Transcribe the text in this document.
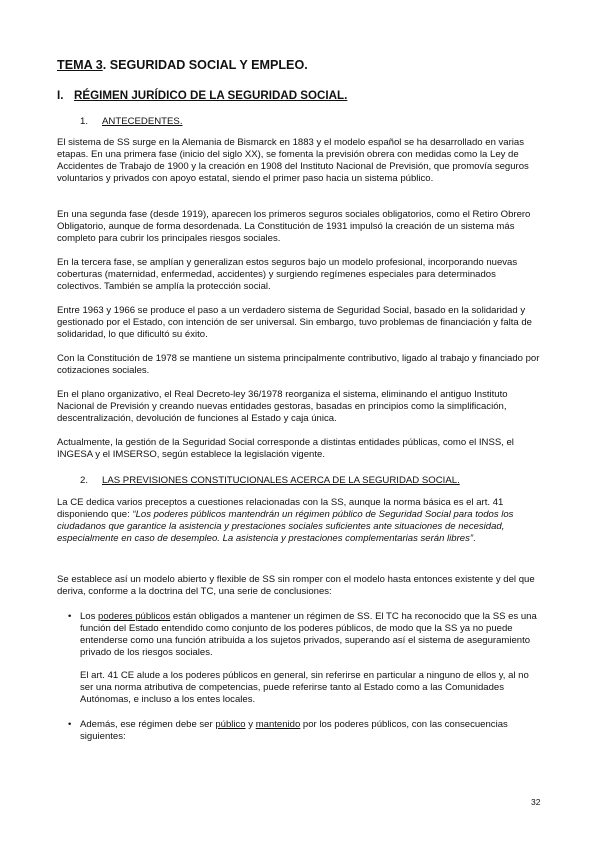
TEMA 3. SEGURIDAD SOCIAL Y EMPLEO.
I. RÉGIMEN JURÍDICO DE LA SEGURIDAD SOCIAL.
1. ANTECEDENTES.
El sistema de SS surge en la Alemania de Bismarck en 1883 y el modelo español se ha desarrollado en varias etapas. En una primera fase (inicio del siglo XX), se fomenta la previsión obrera con medidas como la Ley de Accidentes de Trabajo de 1900 y la creación en 1908 del Instituto Nacional de Previsión, que promovía seguros voluntarios y privados con apoyo estatal, siendo el primer paso hacia un sistema público.
En una segunda fase (desde 1919), aparecen los primeros seguros sociales obligatorios, como el Retiro Obrero Obligatorio, aunque de forma desordenada. La Constitución de 1931 impulsó la creación de un sistema más completo para cubrir los principales riesgos sociales.
En la tercera fase, se amplían y generalizan estos seguros bajo un modelo profesional, incorporando nuevas coberturas (maternidad, enfermedad, accidentes) y surgiendo regímenes especiales para determinados colectivos. También se amplía la protección social.
Entre 1963 y 1966 se produce el paso a un verdadero sistema de Seguridad Social, basado en la solidaridad y gestionado por el Estado, con intención de ser universal. Sin embargo, tuvo problemas de financiación y falta de solidaridad, lo que dificultó su éxito.
Con la Constitución de 1978 se mantiene un sistema principalmente contributivo, ligado al trabajo y financiado por cotizaciones sociales.
En el plano organizativo, el Real Decreto-ley 36/1978 reorganiza el sistema, eliminando el antiguo Instituto Nacional de Previsión y creando nuevas entidades gestoras, basadas en principios como la simplificación, descentralización, devolución de funciones al Estado y caja única.
Actualmente, la gestión de la Seguridad Social corresponde a distintas entidades públicas, como el INSS, el INGESA y el IMSERSO, según establece la legislación vigente.
2. LAS PREVISIONES CONSTITUCIONALES ACERCA DE LA SEGURIDAD SOCIAL.
La CE dedica varios preceptos a cuestiones relacionadas con la SS, aunque la norma básica es el art. 41 disponiendo que: “Los poderes públicos mantendrán un régimen público de Seguridad Social para todos los ciudadanos que garantice la asistencia y prestaciones sociales suficientes ante situaciones de necesidad, especialmente en caso de desempleo. La asistencia y prestaciones complementarias serán libres”.
Se establece así un modelo abierto y flexible de SS sin romper con el modelo hasta entonces existente y del que deriva, conforme a la doctrina del TC, una serie de conclusiones:
• Los poderes públicos están obligados a mantener un régimen de SS. El TC ha reconocido que la SS es una función del Estado entendido como conjunto de los poderes públicos, de modo que la SS ya no puede entenderse como una función atribuida a los sujetos privados, superando así el sistema de aseguramiento privado de los riesgos sociales.
El art. 41 CE alude a los poderes públicos en general, sin referirse en particular a ninguno de ellos y, al no ser una norma atributiva de competencias, puede referirse tanto al Estado como a las Comunidades Autónomas, e incluso a los entes locales.
• Además, ese régimen debe ser público y mantenido por los poderes públicos, con las consecuencias siguientes:
32
